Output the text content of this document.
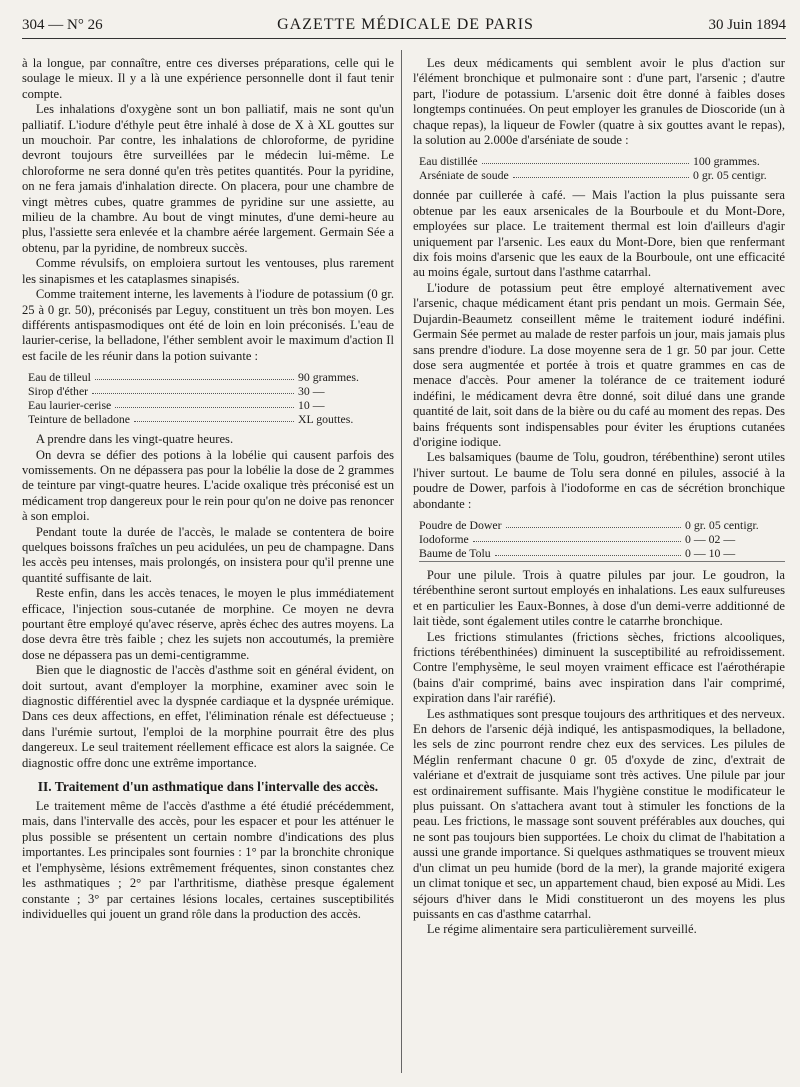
304 — N° 26	GAZETTE MÉDICALE DE PARIS	30 Juin 1894

à la longue, par connaître, entre ces diverses préparations, celle qui le soulage le mieux. Il y a là une expérience personnelle dont il faut tenir compte.

Les inhalations d'oxygène sont un bon palliatif, mais ne sont qu'un palliatif. L'iodure d'éthyle peut être inhalé à dose de X à XL gouttes sur un mouchoir. Par contre, les inhalations de chloroforme, de pyridine devront toujours être surveillées par le médecin lui-même. Le chloroforme ne sera donné qu'en très petites quantités. Pour la pyridine, on ne fera jamais d'inhalation directe. On placera, pour une chambre de vingt mètres cubes, quatre grammes de pyridine sur une assiette, au milieu de la chambre. Au bout de vingt minutes, d'une demi-heure au plus, l'assiette sera enlevée et la chambre aérée largement. Germain Sée a obtenu, par la pyridine, de nombreux succès.

Comme révulsifs, on emploiera surtout les ventouses, plus rarement les sinapismes et les cataplasmes sinapisés.

Comme traitement interne, les lavements à l'iodure de potassium (0 gr. 25 à 0 gr. 50), préconisés par Leguy, constituent un très bon moyen. Les différents antispasmodiques ont été de loin en loin préconisés. L'eau de laurier-cerise, la belladone, l'éther semblent avoir le maximum d'action Il est facile de les réunir dans la potion suivante :

Eau de tilleul	90 grammes.
Sirop d'éther	30 —
Eau laurier-cerise	10 —
Teinture de belladone	XL gouttes.

A prendre dans les vingt-quatre heures.

On devra se défier des potions à la lobélie qui causent parfois des vomissements. On ne dépassera pas pour la lobélie la dose de 2 grammes de teinture par vingt-quatre heures. L'acide oxalique très préconisé est un médicament trop dangereux pour le rein pour qu'on ne doive pas renoncer à son emploi.

Pendant toute la durée de l'accès, le malade se contentera de boire quelques boissons fraîches un peu acidulées, un peu de champagne. Dans les accès peu intenses, mais prolongés, on insistera pour qu'il prenne une quantité suffisante de lait.

Reste enfin, dans les accès tenaces, le moyen le plus immédiatement efficace, l'injection sous-cutanée de morphine. Ce moyen ne devra pourtant être employé qu'avec réserve, après échec des autres moyens. La dose devra être très faible ; chez les sujets non accoutumés, la première dose ne dépassera pas un demi-centigramme.

Bien que le diagnostic de l'accès d'asthme soit en général évident, on doit surtout, avant d'employer la morphine, examiner avec soin le diagnostic différentiel avec la dyspnée cardiaque et la dyspnée urémique. Dans ces deux affections, en effet, l'élimination rénale est défectueuse ; dans l'urémie surtout, l'emploi de la morphine pourrait être des plus dangereux. Le seul traitement réellement efficace est alors la saignée. Ce diagnostic offre donc une extrême importance.

II. Traitement d'un asthmatique dans l'intervalle des accès.

Le traitement même de l'accès d'asthme a été étudié précédemment, mais, dans l'intervalle des accès, pour les espacer et pour les atténuer le plus possible se présentent un certain nombre d'indications des plus importantes. Les principales sont fournies : 1° par la bronchite chronique et l'emphysème, lésions extrêmement fréquentes, sinon constantes chez les asthmatiques ; 2° par l'arthritisme, diathèse presque également constante ; 3° par certaines lésions locales, certaines susceptibilités individuelles qui jouent un grand rôle dans la production des accès.

Les deux médicaments qui semblent avoir le plus d'action sur l'élément bronchique et pulmonaire sont : d'une part, l'arsenic ; d'autre part, l'iodure de potassium. L'arsenic doit être donné à faibles doses longtemps continuées. On peut employer les granules de Dioscoride (un à chaque repas), la liqueur de Fowler (quatre à six gouttes avant le repas), la solution au 2.000e d'arséniate de soude :

Eau distillée	100 grammes.
Arséniate de soude	0 gr. 05 centigr.

donnée par cuillerée à café. — Mais l'action la plus puissante sera obtenue par les eaux arsenicales de la Bourboule et du Mont-Dore, employées sur place. Le traitement thermal est loin d'ailleurs d'agir uniquement par l'arsenic. Les eaux du Mont-Dore, bien que renfermant dix fois moins d'arsenic que les eaux de la Bourboule, ont une efficacité au moins égale, surtout dans l'asthme catarrhal.

L'iodure de potassium peut être employé alternativement avec l'arsenic, chaque médicament étant pris pendant un mois. Germain Sée, Dujardin-Beaumetz conseillent même le traitement ioduré indéfini. Germain Sée permet au malade de rester parfois un jour, mais jamais plus sans prendre d'iodure. La dose moyenne sera de 1 gr. 50 par jour. Cette dose sera augmentée et portée à trois et quatre grammes en cas de menace d'accès. Pour amener la tolérance de ce traitement ioduré indéfini, le médicament devra être donné, soit dilué dans une grande quantité de lait, soit dans de la bière ou du café au moment des repas. Des bains fréquents sont indispensables pour éviter les éruptions cutanées d'origine iodique.

Les balsamiques (baume de Tolu, goudron, térébenthine) seront utiles l'hiver surtout. Le baume de Tolu sera donné en pilules, associé à la poudre de Dower, parfois à l'iodoforme en cas de sécrétion bronchique abondante :

Poudre de Dower	0 gr. 05 centigr.
Iodoforme	0 — 02 —
Baume de Tolu	0 — 10 —

Pour une pilule. Trois à quatre pilules par jour. Le goudron, la térébenthine seront surtout employés en inhalations. Les eaux sulfureuses et en particulier les Eaux-Bonnes, à dose d'un demi-verre additionné de lait tiède, sont également utiles contre le catarrhe bronchique.

Les frictions stimulantes (frictions sèches, frictions alcooliques, frictions térébenthinées) diminuent la susceptibilité au refroidissement. Contre l'emphysème, le seul moyen vraiment efficace est l'aérothérapie (bains d'air comprimé, bains avec inspiration dans l'air comprimé, expiration dans l'air raréfié).

Les asthmatiques sont presque toujours des arthritiques et des nerveux. En dehors de l'arsenic déjà indiqué, les antispasmodiques, la belladone, les sels de zinc pourront rendre chez eux des services. Les pilules de Méglin renfermant chacune 0 gr. 05 d'oxyde de zinc, d'extrait de valériane et d'extrait de jusquiame sont très actives. Une pilule par jour est ordinairement suffisante. Mais l'hygiène constitue le modificateur le plus puissant. On s'attachera avant tout à stimuler les fonctions de la peau. Les frictions, le massage sont souvent préférables aux douches, qui ne sont pas toujours bien supportées. Le choix du climat de l'habitation a aussi une grande importance. Si quelques asthmatiques se trouvent mieux d'un climat un peu humide (bord de la mer), la grande majorité exigera un climat tonique et sec, un appartement chaud, bien exposé au Midi. Les séjours d'hiver dans le Midi constitueront un des moyens les plus puissants en cas d'asthme catarrhal.

Le régime alimentaire sera particulièrement surveillé.
